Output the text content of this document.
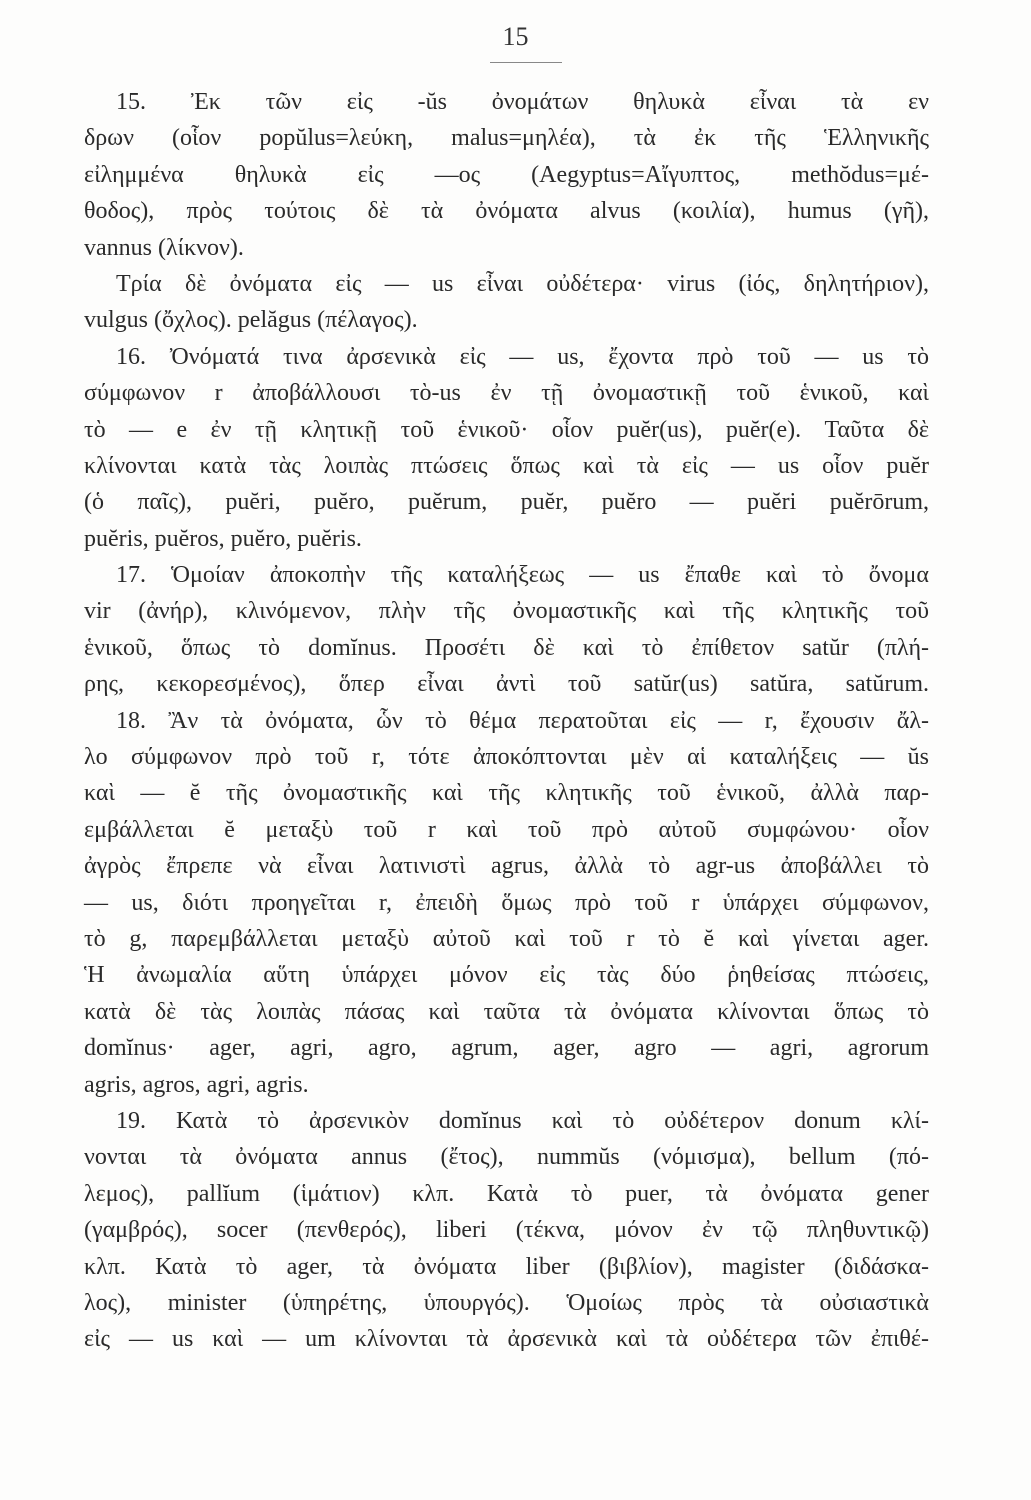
15
15. Ἐκ τῶν εἰς -ŭs ὀνομάτων θηλυκὰ εἶναι τὰ εν
δρων (οἷον popŭlus=λεύκη, malus=μηλέα), τὰ ἐκ τῆς Ἑλληνικῆς
εἰλημμένα θηλυκὰ εἰς —ος (Aegyptus=Αἴγυπτος, methŏdus=μέ-
θοδος), πρὸς τούτοις δὲ τὰ ὀνόματα alvus (κοιλία), humus (γῆ),
vannus (λίκνον).
Τρία δὲ ὀνόματα εἰς — us εἶναι οὐδέτερα· virus (ἰός, δηλητήριον),
vulgus (ὄχλος). pelăgus (πέλαγος).
16. Ὀνόματά τινα ἀρσενικὰ εἰς — us, ἔχοντα πρὸ τοῦ — us τὸ
σύμφωνον r ἀποβάλλουσι τὸ-us ἐν τῇ ὀνομαστικῇ τοῦ ἑνικοῦ, καὶ
τὸ — e ἐν τῇ κλητικῇ τοῦ ἑνικοῦ· οἷον puĕr(us), puĕr(e). Ταῦτα δὲ
κλίνονται κατὰ τὰς λοιπὰς πτώσεις ὅπως καὶ τὰ εἰς — us οἷον puĕr
(ὁ παῖς), puĕri, puĕro, puĕrum, puĕr, puĕro — puĕri puĕrōrum,
puĕris, puĕros, puĕro, puĕris.
17. Ὁμοίαν ἀποκοπὴν τῆς καταλήξεως — us ἔπαθε καὶ τὸ ὄνομα
vir (ἀνήρ), κλινόμενον, πλὴν τῆς ὀνομαστικῆς καὶ τῆς κλητικῆς τοῦ
ἑνικοῦ, ὅπως τὸ domĭnus. Προσέτι δὲ καὶ τὸ ἐπίθετον satŭr (πλή-
ρης, κεκορεσμένος), ὅπερ εἶναι ἀντὶ τοῦ satŭr(us) satŭra, satŭrum.
18. Ἂν τὰ ὀνόματα, ὧν τὸ θέμα περατοῦται εἰς — r, ἔχουσιν ἄλ-
λο σύμφωνον πρὸ τοῦ r, τότε ἀποκόπτονται μὲν αἱ καταλήξεις — ŭs
καὶ — ĕ τῆς ὀνομαστικῆς καὶ τῆς κλητικῆς τοῦ ἑνικοῦ, ἀλλὰ παρ-
εμβάλλεται ĕ μεταξὺ τοῦ r καὶ τοῦ πρὸ αὐτοῦ συμφώνου· οἷον
ἀγρὸς ἔπρεπε νὰ εἶναι λατινιστὶ agrus, ἀλλὰ τὸ agr-us ἀποβάλλει τὸ
— us, διότι προηγεῖται r, ἐπειδὴ ὅμως πρὸ τοῦ r ὑπάρχει σύμφωνον,
τὸ g, παρεμβάλλεται μεταξὺ αὐτοῦ καὶ τοῦ r τὸ ĕ καὶ γίνεται ager.
Ἡ ἀνωμαλία αὕτη ὑπάρχει μόνον εἰς τὰς δύο ῥηθείσας πτώσεις,
κατὰ δὲ τὰς λοιπὰς πάσας καὶ ταῦτα τὰ ὀνόματα κλίνονται ὅπως τὸ
domĭnus· ager, agri, agro, agrum, ager, agro — agri, agrorum
agris, agros, agri, agris.
19. Κατὰ τὸ ἀρσενικὸν domĭnus καὶ τὸ οὐδέτερον donum κλί-
νονται τὰ ὀνόματα annus (ἔτος), nummŭs (νόμισμα), bellum (πό-
λεμος), pallĭum (ἱμάτιον) κλπ. Κατὰ τὸ puer, τὰ ὀνόματα gener
(γαμβρός), socer (πενθερός), liberi (τέκνα, μόνον ἐν τῷ πληθυντικῷ)
κλπ. Κατὰ τὸ ager, τὰ ὀνόματα liber (βιβλίον), magister (διδάσκα-
λος), minister (ὑπηρέτης, ὑπουργός). Ὁμοίως πρὸς τὰ οὐσιαστικὰ
εἰς — us καὶ — um κλίνονται τὰ ἀρσενικὰ καὶ τὰ οὐδέτερα τῶν ἐπιθέ-
